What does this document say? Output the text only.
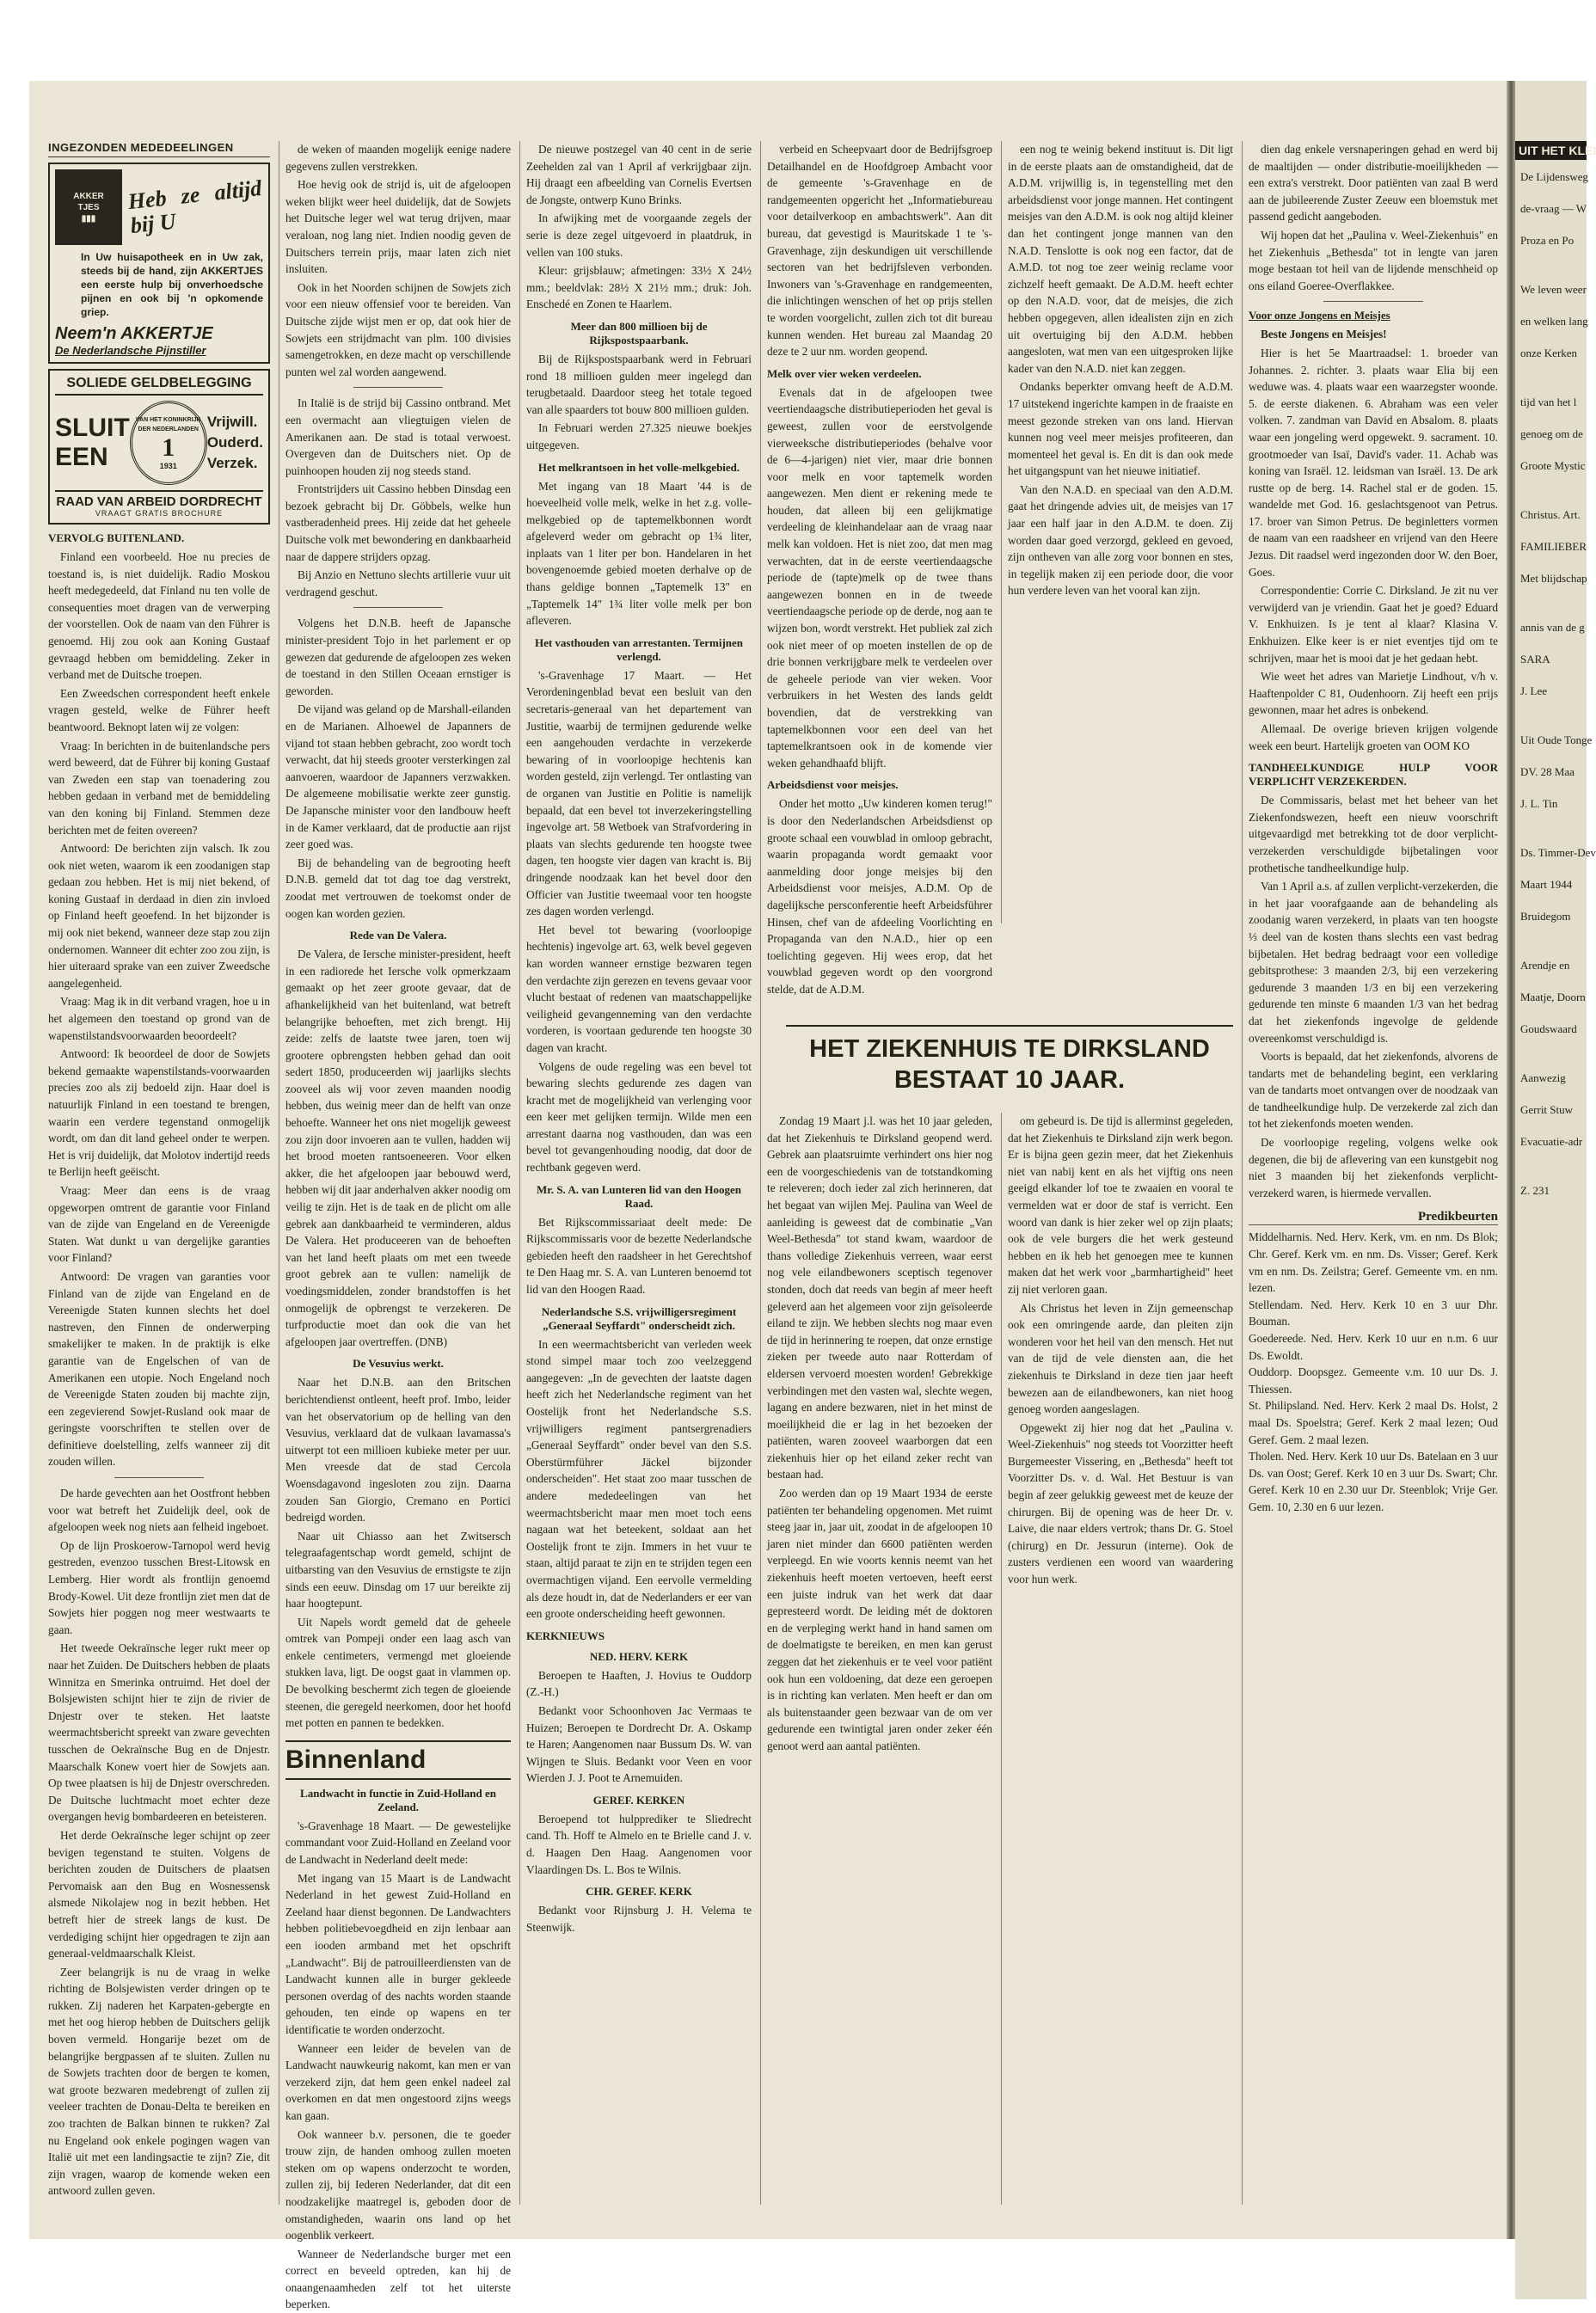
INGEZONDEN MEDEDEELINGEN
AKKER
TJES
▮▮▮
Heb ze altijd bij U
In Uw huisapotheek en in Uw zak, steeds bij de hand, zijn AKKERTJES een eerste hulp bij onverhoedsche pijnen en ook bij 'n opkomende griep.
Neem'n AKKERTJE
De Nederlandsche Pijnstiller
SOLIEDE GELDBELEGGING
SLUIT
EEN
VAN HET KONINKRIJK DER NEDERLANDEN
1
1931
Vrijwill.
Ouderd.
Verzek.
RAAD VAN ARBEID DORDRECHT
VRAAGT GRATIS BROCHURE
VERVOLG BUITENLAND.

Finland een voorbeeld. Hoe nu precies de toestand is, is niet duidelijk. Radio Moskou heeft medegedeeld, dat Finland nu ten volle de consequenties moet dragen van de verwerping der voorstellen. Ook de naam van den Führer is genoemd. Hij zou ook aan Koning Gustaaf gevraagd hebben om bemiddeling. Zeker in verband met de Duitsche troepen.

Een Zweedschen correspondent heeft enkele vragen gesteld, welke de Führer heeft beantwoord. Beknopt laten wij ze volgen:

Vraag: In berichten in de buitenlandsche pers werd beweerd, dat de Führer bij koning Gustaaf van Zweden een stap van toenadering zou hebben gedaan in verband met de bemiddeling van den koning bij Finland. Stemmen deze berichten met de feiten overeen?

Antwoord: De berichten zijn valsch. Ik zou ook niet weten, waarom ik een zoodanigen stap gedaan zou hebben. Het is mij niet bekend, of koning Gustaaf in derdaad in dien zin invloed op Finland heeft geoefend. In het bijzonder is mij ook niet bekend, wanneer deze stap zou zijn ondernomen. Wanneer dit echter zoo zou zijn, is hier uiteraard sprake van een zuiver Zweedsche aangelegenheid.

Vraag: Mag ik in dit verband vragen, hoe u in het algemeen den toestand op grond van de wapenstilstandsvoorwaarden beoordeelt?

Antwoord: Ik beoordeel de door de Sowjets bekend gemaakte wapenstilstands-voorwaarden precies zoo als zij bedoeld zijn. Haar doel is natuurlijk Finland in een toestand te brengen, waarin een verdere tegenstand onmogelijk wordt, om dan dit land geheel onder te werpen. Het is vrij duidelijk, dat Molotov indertijd reeds te Berlijn heeft geëischt.

Vraag: Meer dan eens is de vraag opgeworpen omtrent de garantie voor Finland van de zijde van Engeland en de Vereenigde Staten. Wat dunkt u van dergelijke garanties voor Finland?

Antwoord: De vragen van garanties voor Finland van de zijde van Engeland en de Vereenigde Staten kunnen slechts het doel nastreven, den Finnen de onderwerping smakelijker te maken. In de praktijk is elke garantie van de Engelschen of van de Amerikanen een utopie. Noch Engeland noch de Vereenigde Staten zouden bij machte zijn, een zegevierend Sowjet-Rusland ook maar de geringste voorschriften te stellen over de definitieve doelstelling, zelfs wanneer zij dit zouden willen.

De harde gevechten aan het Oostfront hebben voor wat betreft het Zuidelijk deel, ook de afgeloopen week nog niets aan felheid ingeboet.

Op de lijn Proskoerow-Tarnopol werd hevig gestreden, evenzoo tusschen Brest-Litowsk en Lemberg. Hier wordt als frontlijn genoemd Brody-Kowel. Uit deze frontlijn ziet men dat de Sowjets hier poggen nog meer westwaarts te gaan.

Het tweede Oekraïnsche leger rukt meer op naar het Zuiden. De Duitschers hebben de plaats Winnitza en Smerinka ontruimd. Het doel der Bolsjewisten schijnt hier te zijn de rivier de Dnjestr over te steken. Het laatste weermachtsbericht spreekt van zware gevechten tusschen de Oekraïnsche Bug en de Dnjestr. Maarschalk Konew voert hier de Sowjets aan. Op twee plaatsen is hij de Dnjestr overschreden. De Duitsche luchtmacht moet echter deze overgangen hevig bombardeeren en beteisteren.

Het derde Oekraïnsche leger schijnt op zeer bevigen tegenstand te stuiten. Volgens de berichten zouden de Duitschers de plaatsen Pervomaisk aan den Bug en Wosnessensk alsmede Nikolajew nog in bezit hebben. Het betreft hier de streek langs de kust. De verdediging schijnt hier opgedragen te zijn aan generaal-veldmaarschalk Kleist.

Zeer belangrijk is nu de vraag in welke richting de Bolsjewisten verder dringen op te rukken. Zij naderen het Karpaten-gebergte en met het oog hierop hebben de Duitschers gelijk boven vermeld. Hongarije bezet om de belangrijke bergpassen af te sluiten. Zullen nu de Sowjets trachten door de bergen te komen, wat groote bezwaren medebrengt of zullen zij veeleer trachten de Donau-Delta te bereiken en zoo trachten de Balkan binnen te rukken? Zal nu Engeland ook enkele pogingen wagen van Italië uit met een landingsactie te zijn? Zie, dit zijn vragen, waarop de komende weken een antwoord zullen geven.

de weken of maanden mogelijk eenige nadere gegevens zullen verstrekken.

Hoe hevig ook de strijd is, uit de afgeloopen weken blijkt weer heel duidelijk, dat de Sowjets het Duitsche leger wel wat terug drijven, maar veraloan, nog lang niet. Indien noodig geven de Duitschers terrein prijs, maar laten zich niet insluiten.

Ook in het Noorden schijnen de Sowjets zich voor een nieuw offensief voor te bereiden. Van Duitsche zijde wijst men er op, dat ook hier de Sowjets een strijdmacht van plm. 100 divisies samengetrokken, en deze macht op verschillende punten wel zal worden aangewend.

In Italië is de strijd bij Cassino ontbrand. Met een overmacht aan vliegtuigen vielen de Amerikanen aan. De stad is totaal verwoest. Overgeven dan de Duitschers niet. Op de puinhoopen houden zij nog steeds stand.

Frontstrijders uit Cassino hebben Dinsdag een bezoek gebracht bij Dr. Göbbels, welke hun vastberadenheid prees. Hij zeide dat het geheele Duitsche volk met bewondering en dankbaarheid naar de dappere strijders opzag.

Bij Anzio en Nettuno slechts artillerie vuur uit verdragend geschut.

Volgens het D.N.B. heeft de Japansche minister-president Tojo in het parlement er op gewezen dat gedurende de afgeloopen zes weken de toestand in den Stillen Oceaan ernstiger is geworden.

De vijand was geland op de Marshall-eilanden en de Marianen. Alhoewel de Japanners de vijand tot staan hebben gebracht, zoo wordt toch verwacht, dat hij steeds grooter versterkingen zal aanvoeren, waardoor de Japanners verzwakken. De algemeene mobilisatie werkte zeer gunstig. De Japansche minister voor den landbouw heeft in de Kamer verklaard, dat de productie aan rijst zeer goed was.

Bij de behandeling van de begrooting heeft D.N.B. gemeld dat tot dag toe dag verstrekt, zoodat met vertrouwen de toekomst onder de oogen kan worden gezien.

Rede van De Valera.

De Valera, de Iersche minister-president, heeft in een radiorede het Iersche volk opmerkzaam gemaakt op het zeer groote gevaar, dat de afhankelijkheid van het buitenland, wat betreft belangrijke behoeften, met zich brengt. Hij zeide: zelfs de laatste twee jaren, toen wij grootere opbrengsten hebben gehad dan ooit sedert 1850, produceerden wij jaarlijks slechts zooveel als wij voor zeven maanden noodig hebben, dus weinig meer dan de helft van onze behoefte. Wanneer het ons niet mogelijk geweest zou zijn door invoeren aan te vullen, hadden wij het brood moeten rantsoeneeren. Voor elken akker, die het afgeloopen jaar bebouwd werd, hebben wij dit jaar anderhalven akker noodig om veilig te zijn. Het is de taak en de plicht om alle gebrek aan dankbaarheid te verminderen, aldus De Valera. Het produceeren van de behoeften van het land heeft plaats om met een tweede groot gebrek aan te vullen: namelijk de voedingsmiddelen, zonder brandstoffen is het onmogelijk de opbrengst te verzekeren. De turfproductie moet dan ook die van het afgeloopen jaar overtreffen. (DNB)

De Vesuvius werkt.

Naar het D.N.B. aan den Britschen berichtendienst ontleent, heeft prof. Imbo, leider van het observatorium op de helling van den Vesuvius, verklaard dat de vulkaan lavamassa's uitwerpt tot een millioen kubieke meter per uur. Men vreesde dat de stad Cercola Woensdagavond ingesloten zou zijn. Daarna zouden San Giorgio, Cremano en Portici bedreigd worden.

Naar uit Chiasso aan het Zwitsersch telegraafagentschap wordt gemeld, schijnt de uitbarsting van den Vesuvius de ernstigste te zijn sinds een eeuw. Dinsdag om 17 uur bereikte zij haar hoogtepunt.

Uit Napels wordt gemeld dat de geheele omtrek van Pompeji onder een laag asch van enkele centimeters, vermengd met gloeiende stukken lava, ligt. De oogst gaat in vlammen op. De bevolking beschermt zich tegen de gloeiende steenen, die geregeld neerkomen, door het hoofd met potten en pannen te bedekken.

Binnenland
Landwacht in functie in Zuid-Holland en Zeeland.

's-Gravenhage 18 Maart. — De gewestelijke commandant voor Zuid-Holland en Zeeland voor de Landwacht in Nederland deelt mede:

Met ingang van 15 Maart is de Landwacht Nederland in het gewest Zuid-Holland en Zeeland haar dienst begonnen. De Landwachters hebben politiebevoegdheid en zijn lenbaar aan een iooden armband met het opschrift „Landwacht". Bij de patrouilleerdiensten van de Landwacht kunnen alle in burger gekleede personen overdag of des nachts worden staande gehouden, ten einde op wapens en ter identificatie te worden onderzocht.

Wanneer een leider de bevelen van de Landwacht nauwkeurig nakomt, kan men er van verzekerd zijn, dat hem geen enkel nadeel zal overkomen en dat men ongestoord zijns weegs kan gaan.

Ook wanneer b.v. personen, die te goeder trouw zijn, de handen omhoog zullen moeten steken om op wapens onderzocht te worden, zullen zij, bij Iederen Nederlander, dat dit een noodzakelijke maatregel is, geboden door de omstandigheden, waarin ons land op het oogenblik verkeert.

Wanneer de Nederlandsche burger met een correct en beveeld optreden, kan hij de onaangenaamheden zelf tot het uiterste beperken.

De nieuwe postzegel van 40 cent in de serie Zeehelden zal van 1 April af verkrijgbaar zijn. Hij draagt een afbeelding van Cornelis Evertsen de Jongste, ontwerp Kuno Brinks.

In afwijking met de voorgaande zegels der serie is deze zegel uitgevoerd in plaatdruk, in vellen van 100 stuks.

Kleur: grijsblauw; afmetingen: 33½ X 24½ mm.; beeldvlak: 28½ X 21½ mm.; druk: Joh. Enschedé en Zonen te Haarlem.

Meer dan 800 millioen bij de Rijkspostspaarbank.

Bij de Rijkspostspaarbank werd in Februari rond 18 millioen gulden meer ingelegd dan terugbetaald. Daardoor steeg het totale tegoed van alle spaarders tot bouw 800 millioen gulden.

In Februari werden 27.325 nieuwe boekjes uitgegeven.

Het melkrantsoen in het volle-melkgebied.

Met ingang van 18 Maart '44 is de hoeveelheid volle melk, welke in het z.g. volle-melkgebied op de taptemelkbonnen wordt afgeleverd weder om gebracht op 1¾ liter, inplaats van 1 liter per bon. Handelaren in het bovengenoemde gebied moeten derhalve op de thans geldige bonnen „Taptemelk 13" en „Taptemelk 14" 1¾ liter volle melk per bon afleveren.

Het vasthouden van arrestanten. Termijnen verlengd.

's-Gravenhage 17 Maart. — Het Verordeningenblad bevat een besluit van den secretaris-generaal van het departement van Justitie, waarbij de termijnen gedurende welke een aangehouden verdachte in verzekerde bewaring of in voorloopige hechtenis kan worden gesteld, zijn verlengd. Ter ontlasting van de organen van Justitie en Politie is namelijk bepaald, dat een bevel tot inverzekeringstelling ingevolge art. 58 Wetboek van Strafvordering in plaats van slechts gedurende ten hoogste twee dagen, ten hoogste vier dagen van kracht is. Bij dringende noodzaak kan het bevel door den Officier van Justitie tweemaal voor ten hoogste zes dagen worden verlengd.

Het bevel tot bewaring (voorloopige hechtenis) ingevolge art. 63, welk bevel gegeven kan worden wanneer ernstige bezwaren tegen den verdachte zijn gerezen en tevens gevaar voor vlucht bestaat of redenen van maatschappelijke veiligheid gevangenneming van den verdachte vorderen, is voortaan gedurende ten hoogste 30 dagen van kracht.

Volgens de oude regeling was een bevel tot bewaring slechts gedurende zes dagen van kracht met de mogelijkheid van verlenging voor een keer met gelijken termijn. Wilde men een arrestant daarna nog vasthouden, dan was een bevel tot gevangenhouding noodig, dat door de rechtbank gegeven werd.

Mr. S. A. van Lunteren lid van den Hoogen Raad.

Bet Rijkscommissariaat deelt mede: De Rijkscommissaris voor de bezette Nederlandsche gebieden heeft den raadsheer in het Gerechtshof te Den Haag mr. S. A. van Lunteren benoemd tot lid van den Hoogen Raad.

Nederlandsche S.S. vrijwilligersregiment „Generaal Seyffardt" onderscheidt zich.

In een weermachtsbericht van verleden week stond simpel maar toch zoo veelzeggend aangegeven: „In de gevechten der laatste dagen heeft zich het Nederlandsche regiment van het Oostelijk front het Nederlandsche S.S. vrijwilligers regiment pantsergrenadiers „Generaal Seyffardt" onder bevel van den S.S. Oberstürmführer Jäckel bijzonder onderscheiden". Het staat zoo maar tusschen de andere mededeelingen van het weermachtsbericht maar men moet toch eens nagaan wat het beteekent, soldaat aan het Oostelijk front te zijn. Immers in het vuur te staan, altijd paraat te zijn en te strijden tegen een overmachtigen vijand. Een eervolle vermelding als deze houdt in, dat de Nederlanders er eer van een groote onderscheiding heeft gewonnen.

KERKNIEUWS
NED. HERV. KERK

Beroepen te Haaften, J. Hovius te Ouddorp (Z.-H.)

Bedankt voor Schoonhoven Jac Vermaas te Huizen; Beroepen te Dordrecht Dr. A. Oskamp te Haren; Aangenomen naar Bussum Ds. W. van Wijngen te Sluis. Bedankt voor Veen en voor Wierden J. J. Poot te Arnemuiden.

GEREF. KERKEN

Beroepend tot hulpprediker te Sliedrecht cand. Th. Hoff te Almelo en te Brielle cand J. v. d. Haagen Den Haag. Aangenomen voor Vlaardingen Ds. L. Bos te Wilnis.

CHR. GEREF. KERK

Bedankt voor Rijnsburg J. H. Velema te Steenwijk.

verbeid en Scheepvaart door de Bedrijfsgroep Detailhandel en de Hoofdgroep Ambacht voor de gemeente 's-Gravenhage en de randgemeenten opgericht het „Informatiebureau voor detailverkoop en ambachtswerk". Aan dit bureau, dat gevestigd is Mauritskade 1 te 's-Gravenhage, zijn deskundigen uit verschillende sectoren van het bedrijfsleven verbonden. Inwoners van 's-Gravenhage en randgemeenten, die inlichtingen wenschen of het op prijs stellen te worden voorgelicht, zullen zich tot dit bureau kunnen wenden. Het bureau zal Maandag 20 deze te 2 uur nm. worden geopend.

Melk over vier weken verdeelen.

Evenals dat in de afgeloopen twee veertiendaagsche distributieperioden het geval is geweest, zullen voor de eerstvolgende vierweeksche distributieperiodes (behalve voor de 6—4-jarigen) niet vier, maar drie bonnen voor melk en voor taptemelk worden aangewezen. Men dient er rekening mede te houden, dat alleen bij een gelijkmatige verdeeling de kleinhandelaar aan de vraag naar melk kan voldoen. Het is niet zoo, dat men mag verwachten, dat in de eerste veertiendaagsche periode de (tapte)melk op de twee thans aangewezen bonnen en in de tweede veertiendaagsche periode op de derde, nog aan te wijzen bon, wordt verstrekt. Het publiek zal zich ook niet meer of op moeten instellen de op de drie bonnen verkrijgbare melk te verdeelen over de geheele periode van vier weken. Voor verbruikers in het Westen des lands geldt bovendien, dat de verstrekking van taptemelkbonnen voor een deel van het taptemelkrantsoen ook in de komende vier weken gehandhaafd blijft.

Arbeidsdienst voor meisjes.

Onder het motto „Uw kinderen komen terug!" is door den Nederlandschen Arbeidsdienst op groote schaal een vouwblad in omloop gebracht, waarin propaganda wordt gemaakt voor aanmelding door jonge meisjes bij den Arbeidsdienst voor meisjes, A.D.M. Op de dagelijksche persconferentie heeft Arbeidsführer Hinsen, chef van de afdeeling Voorlichting en Propaganda van den N.A.D., hier op een toelichting gegeven. Hij wees erop, dat het vouwblad gegeven wordt op den voorgrond stelde, dat de A.D.M.

een nog te weinig bekend instituut is. Dit ligt in de eerste plaats aan de omstandigheid, dat de A.D.M. vrijwillig is, in tegenstelling met den arbeidsdienst voor jonge mannen. Het contingent meisjes van den A.D.M. is ook nog altijd kleiner dan het contingent jonge mannen van den N.A.D. Tenslotte is ook nog een factor, dat de A.M.D. tot nog toe zeer weinig reclame voor zichzelf heeft gemaakt. De A.D.M. heeft echter op den N.A.D. voor, dat de meisjes, die zich hebben opgegeven, allen idealisten zijn en zich uit overtuiging bij den A.D.M. hebben aangesloten, wat men van een uitgesproken lijke kader van den N.A.D. niet kan zeggen.

Ondanks beperkter omvang heeft de A.D.M. 17 uitstekend ingerichte kampen in de fraaiste en meest gezonde streken van ons land. Hiervan kunnen nog veel meer meisjes profiteeren, dan momenteel het geval is. En dit is dan ook mede het uitgangspunt van het nieuwe initiatief.

Van den N.A.D. en speciaal van den A.D.M. gaat het dringende advies uit, de meisjes van 17 jaar een half jaar in den A.D.M. te doen. Zij worden daar goed verzorgd, gekleed en gevoed, zijn ontheven van alle zorg voor bonnen en stes, in tegelijk maken zij een periode door, die voor hun verdere leven van het vooral kan zijn.

HET ZIEKENHUIS TE DIRKSLAND
BESTAAT 10 JAAR.

Zondag 19 Maart j.l. was het 10 jaar geleden, dat het Ziekenhuis te Dirksland geopend werd. Gebrek aan plaatsruimte verhindert ons hier nog een de voorgeschiedenis van de totstandkoming te releveren; doch ieder zal zich herinneren, dat het begaat van wijlen Mej. Paulina van Weel de aanleiding is geweest dat de combinatie „Van Weel-Bethesda" tot stand kwam, waardoor de thans volledige Ziekenhuis verreen, waar eerst nog vele eilandbewoners sceptisch tegenover stonden, doch dat reeds van begin af meer heeft geleverd aan het algemeen voor zijn geïsoleerde eiland te zijn. We hebben slechts nog maar even de tijd in herinnering te roepen, dat onze ernstige zieken per tweede auto naar Rotterdam of eldersen vervoerd moesten worden! Gebrekkige verbindingen met den vasten wal, slechte wegen, lagang en andere bezwaren, niet in het minst de moeilijkheid die er lag in het bezoeken der patiënten, waren zooveel waarborgen dat een ziekenhuis hier op het eiland zeker recht van bestaan had.

Zoo werden dan op 19 Maart 1934 de eerste patiënten ter behandeling opgenomen. Met ruimt steeg jaar in, jaar uit, zoodat in de afgeloopen 10 jaren niet minder dan 6600 patiënten werden verpleegd. En wie voorts kennis neemt van het ziekenhuis heeft moeten vertoeven, heeft eerst een juiste indruk van het werk dat daar gepresteerd wordt. De leiding mét de doktoren en de verpleging werkt hand in hand samen om de doelmatigste te bereiken, en men kan gerust zeggen dat het ziekenhuis er te veel voor patiënt ook hun een voldoening, dat deze een geroepen is in richting kan verlaten. Men heeft er dan om als buitenstaander geen bezwaar van de om ver gedurende een twintigtal jaren onder zeker één genoot werd aan aantal patiënten.

om gebeurd is. De tijd is allerminst gegeleden, dat het Ziekenhuis te Dirksland zijn werk begon. Er is bijna geen gezin meer, dat het Ziekenhuis niet van nabij kent en als het vijftig ons neen geeigd elkander lof toe te zwaaien en vooral te vermelden wat er door de staf is verricht. Een woord van dank is hier zeker wel op zijn plaats; ook de vele burgers die het werk gesteund hebben en ik heb het genoegen mee te kunnen maken dat het werk voor „barmhartigheid" heet zij niet verloren gaan.

Als Christus het leven in Zijn gemeenschap ook een omringende aarde, dan pleiten zijn wonderen voor het heil van den mensch. Het nut van de tijd de vele diensten aan, die het ziekenhuis te Dirksland in deze tien jaar heeft bewezen aan de eilandbewoners, kan niet hoog genoeg worden aangeslagen.

Opgewekt zij hier nog dat het „Paulina v. Weel-Ziekenhuis" nog steeds tot Voorzitter heeft Burgemeester Vissering, en „Bethesda" heeft tot Voorzitter Ds. v. d. Wal. Het Bestuur is van begin af zeer gelukkig geweest met de keuze der chirurgen. Bij de opening was de heer Dr. v. Laive, die naar elders vertrok; thans Dr. G. Stoel (chirurg) en Dr. Jessurun (interne). Ook de zusters verdienen een woord van waardering voor hun werk.

dien dag enkele versnaperingen gehad en werd bij de maaltijden — onder distributie-moeilijkheden — een extra's verstrekt. Door patiënten van zaal B werd aan de jubileerende Zuster Zeeuw een bloemstuk met passend gedicht aangeboden.

Wij hopen dat het „Paulina v. Weel-Ziekenhuis" en het Ziekenhuis „Bethesda" tot in lengte van jaren moge bestaan tot heil van de lijdende menschheid op ons eiland Goeree-Overflakkee.

Voor onze Jongens en Meisjes

Beste Jongens en Meisjes!

Hier is het 5e Maartraadsel: 1. broeder van Johannes. 2. richter. 3. plaats waar Elia bij een weduwe was. 4. plaats waar een waarzegster woonde. 5. de eerste diakenen. 6. Abraham was een veler volken. 7. zandman van David en Absalom. 8. plaats waar een jongeling werd opgewekt. 9. sacrament. 10. grootmoeder van Isaï, David's vader. 11. Achab was koning van Israël. 12. leidsman van Israël. 13. De ark rustte op de berg. 14. Rachel stal er de goden. 15. wandelde met God. 16. geslachtsgenoot van Petrus. 17. broer van Simon Petrus. De beginletters vormen de naam van een raadsheer en vrijend van den Heere Jezus. Dit raadsel werd ingezonden door W. den Boer, Goes.

Correspondentie: Corrie C. Dirksland. Je zit nu ver verwijderd van je vriendin. Gaat het je goed? Eduard V. Enkhuizen. Is je tent al klaar? Klasina V. Enkhuizen. Elke keer is er niet eventjes tijd om te schrijven, maar het is mooi dat je het gedaan hebt.

Wie weet het adres van Marietje Lindhout, v/h v. Haaftenpolder C 81, Oudenhoorn. Zij heeft een prijs gewonnen, maar het adres is onbekend.

Allemaal. De overige brieven krijgen volgende week een beurt. Hartelijk groeten van OOM KO

TANDHEELKUNDIGE HULP VOOR VERPLICHT VERZEKERDEN.

De Commissaris, belast met het beheer van het Ziekenfondswezen, heeft een nieuw voorschrift uitgevaardigd met betrekking tot de door verplicht-verzekerden verschuldigde bijbetalingen voor prothetische tandheelkundige hulp.

Van 1 April a.s. af zullen verplicht-verzekerden, die in het jaar voorafgaande aan de behandeling als zoodanig waren verzekerd, in plaats van ten hoogste ⅓ deel van de kosten thans slechts een vast bedrag bijbetalen. Het bedrag bedraagt voor een volledige gebitsprothese: 3 maanden 2/3, bij een verzekering gedurende 3 maanden 1/3 en bij een verzekering gedurende ten minste 6 maanden 1/3 van het bedrag dat het ziekenfonds ingevolge de geldende overeenkomst verschuldigd is.

Voorts is bepaald, dat het ziekenfonds, alvorens de tandarts met de behandeling begint, een verklaring van de tandarts moet ontvangen over de noodzaak van de tandheelkundige hulp. De verzekerde zal zich dan tot het ziekenfonds moeten wenden.

De voorloopige regeling, volgens welke ook degenen, die bij de aflevering van een kunstgebit nog niet 3 maanden bij het ziekenfonds verplicht-verzekerd waren, is hiermede vervallen.

Predikbeurten

Middelharnis. Ned. Herv. Kerk, vm. en nm. Ds Blok; Chr. Geref. Kerk vm. en nm. Ds. Visser; Geref. Kerk vm en nm. Ds. Zeilstra; Geref. Gemeente vm. en nm. lezen.

Stellendam. Ned. Herv. Kerk 10 en 3 uur Dhr. Bouman.

Goedereede. Ned. Herv. Kerk 10 uur en n.m. 6 uur Ds. Ewoldt.

Ouddorp. Doopsgez. Gemeente v.m. 10 uur Ds. J. Thiessen.

St. Philipsland. Ned. Herv. Kerk 2 maal Ds. Holst, 2 maal Ds. Spoelstra; Geref. Kerk 2 maal lezen; Oud Geref. Gem. 2 maal lezen.

Tholen. Ned. Herv. Kerk 10 uur Ds. Batelaan en 3 uur Ds. van Oost; Geref. Kerk 10 en 3 uur Ds. Swart; Chr. Geref. Kerk 10 en 2.30 uur Dr. Steenblok; Vrije Ger. Gem. 10, 2.30 en 6 uur lezen.

UIT HET KLEI
De Lijdensweg
de-vraag — W
Proza en Po
We leven weer
en welken lang
onze Kerken
tijd van het l
genoeg om de
Groote Mystic
Christus. Art.
FAMILIEBER
Met blijdschap
annis van de g
SARA
J. Lee
Uit Oude Tonge
DV. 28 Maa
J. L. Tin
Ds. Timmer-Dev
Maart 1944
Bruidegom
Arendje en
Maatje, Doorn
Goudswaard
Aanwezig
Gerrit Stuw
Evacuatie-adr
Z. 231
